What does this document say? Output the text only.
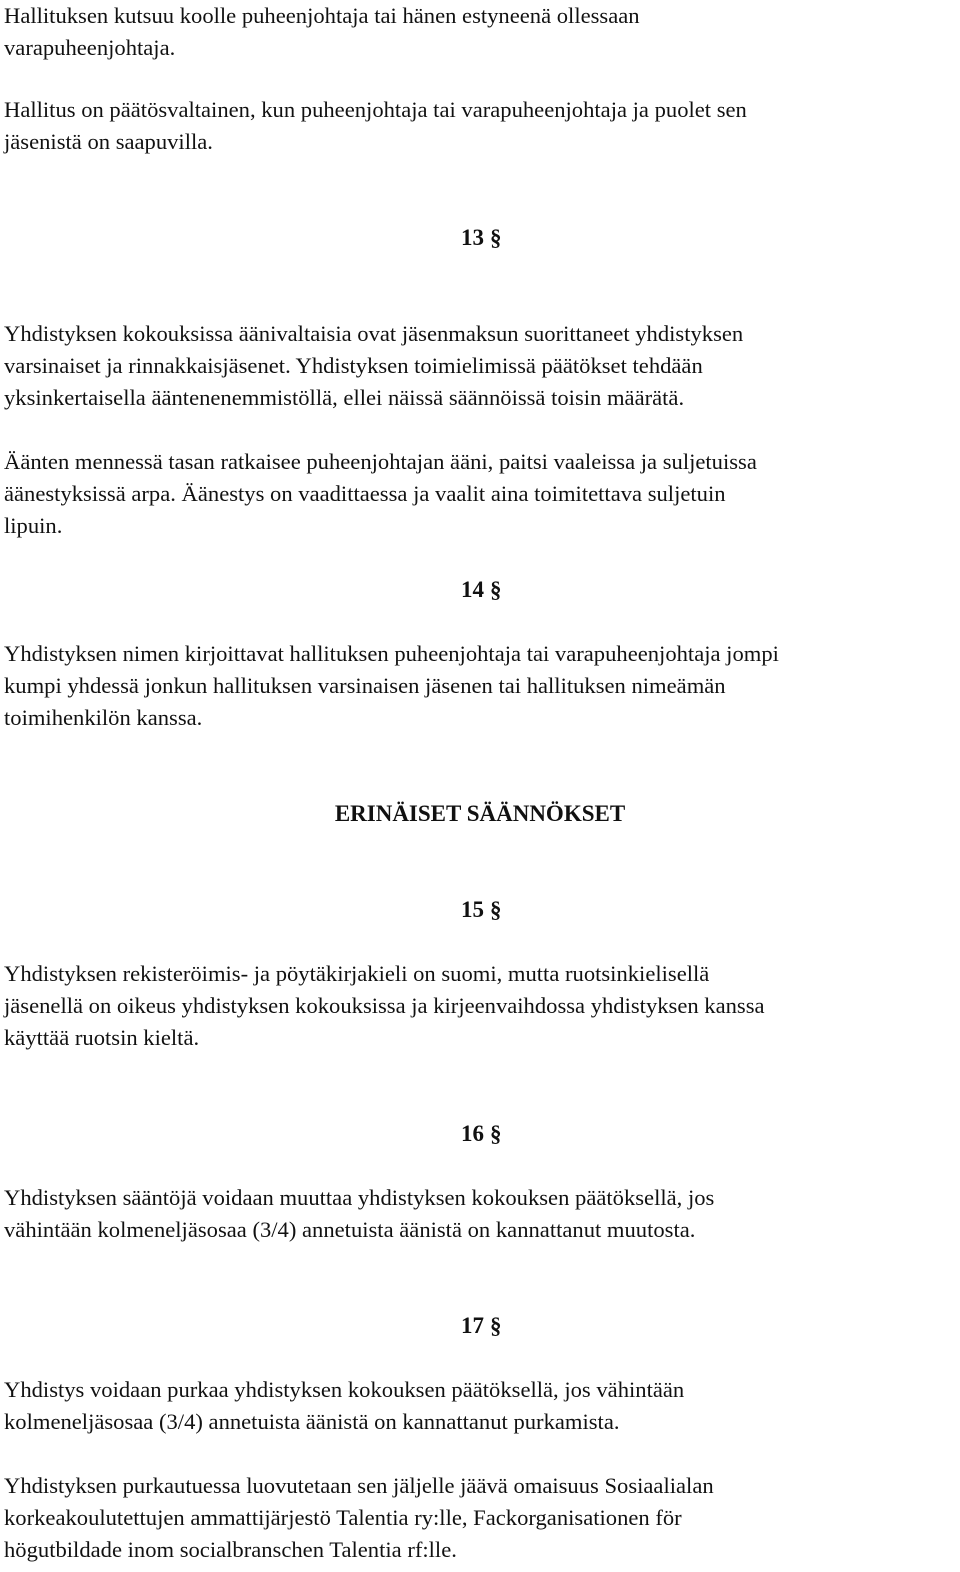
Hallituksen kutsuu koolle puheenjohtaja tai hänen estyneenä ollessaan
varapuheenjohtaja.

Hallitus on päätösvaltainen, kun puheenjohtaja tai varapuheenjohtaja ja puolet sen
jäsenistä on saapuvilla.

13 §

Yhdistyksen kokouksissa äänivaltaisia ovat jäsenmaksun suorittaneet yhdistyksen
varsinaiset ja rinnakkaisjäsenet. Yhdistyksen toimielimissä päätökset tehdään
yksinkertaisella ääntenenemmistöllä, ellei näissä säännöissä toisin määrätä.

Äänten mennessä tasan ratkaisee puheenjohtajan ääni, paitsi vaaleissa ja suljetuissa
äänestyksissä arpa. Äänestys on vaadittaessa ja vaalit aina toimitettava suljetuin
lipuin.

14 §

Yhdistyksen nimen kirjoittavat hallituksen puheenjohtaja tai varapuheenjohtaja jompi
kumpi yhdessä jonkun hallituksen varsinaisen jäsenen tai hallituksen nimeämän
toimihenkilön kanssa.

ERINÄISET SÄÄNNÖKSET

15 §

Yhdistyksen rekisteröimis- ja pöytäkirjakieli on suomi, mutta ruotsinkielisellä
jäsenellä on oikeus yhdistyksen kokouksissa ja kirjeenvaihdossa yhdistyksen kanssa
käyttää ruotsin kieltä.

16 §

Yhdistyksen sääntöjä voidaan muuttaa yhdistyksen kokouksen päätöksellä, jos
vähintään kolmeneljäsosaa (3/4) annetuista äänistä on kannattanut muutosta.

17 §

Yhdistys voidaan purkaa yhdistyksen kokouksen päätöksellä, jos vähintään
kolmeneljäsosaa (3/4) annetuista äänistä on kannattanut purkamista.

Yhdistyksen purkautuessa luovutetaan sen jäljelle jäävä omaisuus Sosiaalialan
korkeakoulutettujen ammattijärjestö Talentia ry:lle, Fackorganisationen för
högutbildade inom socialbranschen Talentia rf:lle.
